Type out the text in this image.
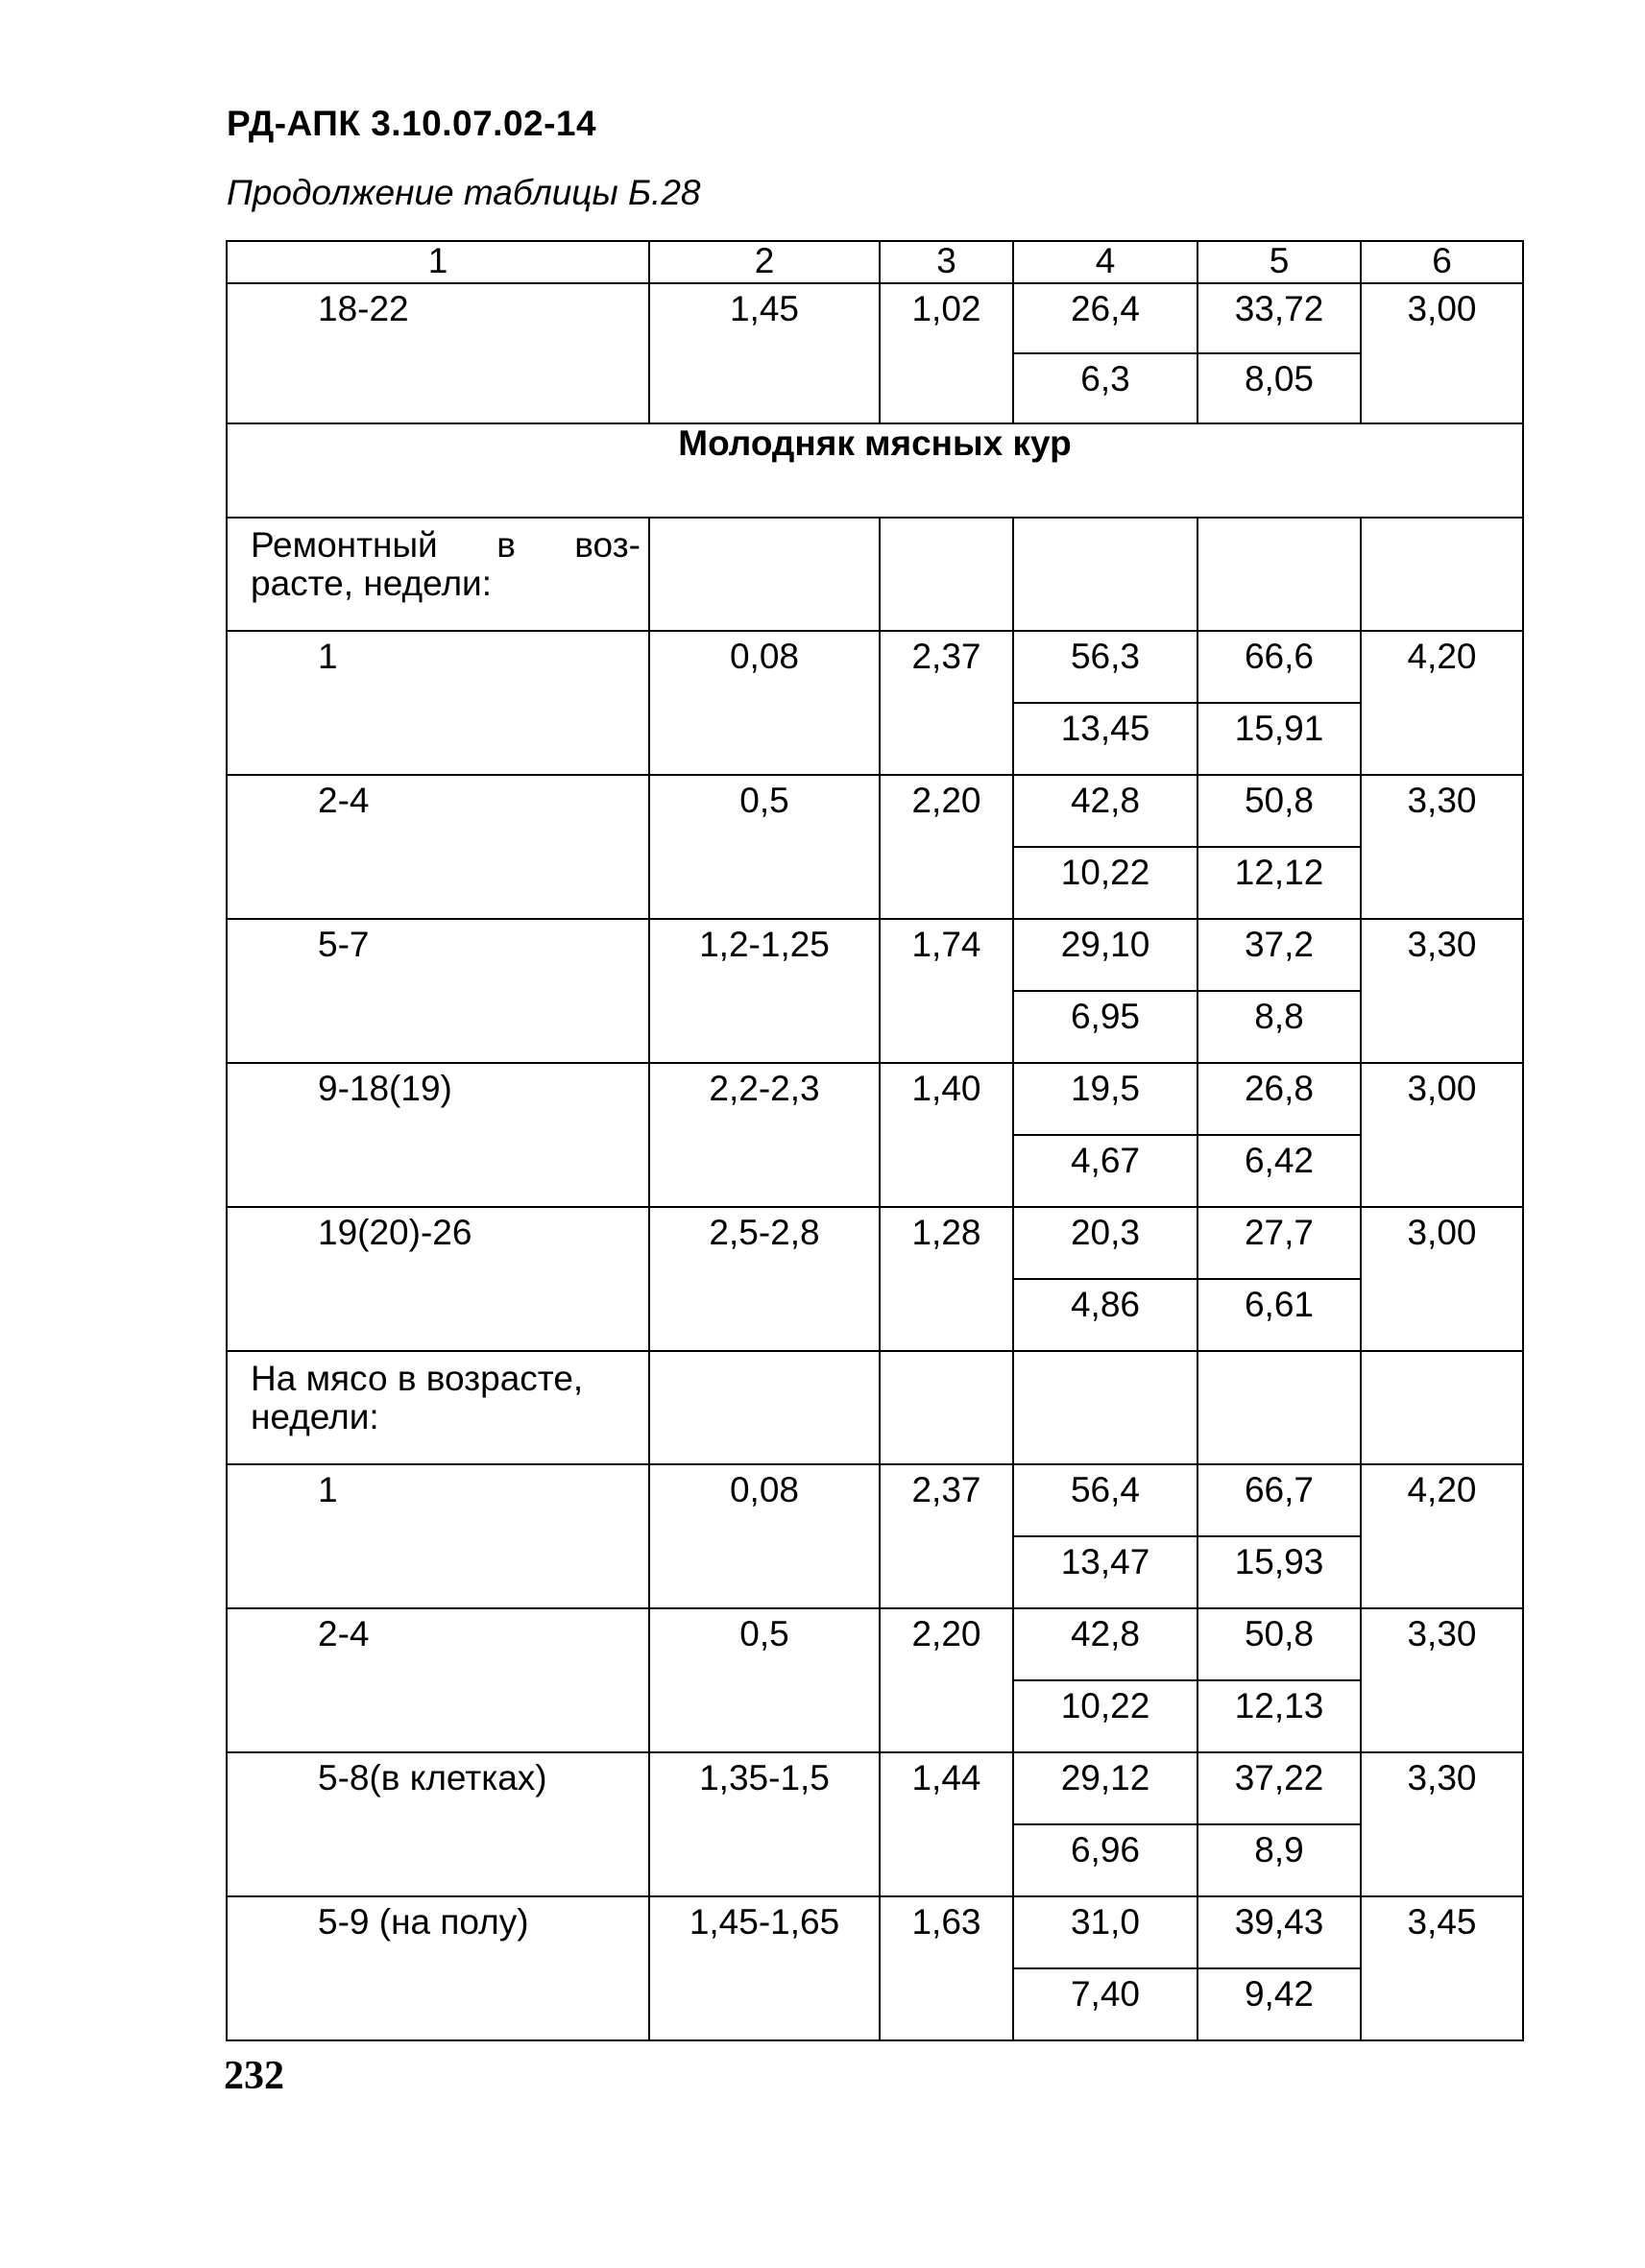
РД-АПК 3.10.07.02-14
Продолжение таблицы Б.28
1	2	3	4	5	6
18-22	1,45	1,02	26,4	33,72	3,00
			6,3	8,05	
Молодняк мясных кур					

Ремонтный в воз-
расте, недели:					

1	0,08	2,37	56,3	66,6	4,20
			13,45	15,91	
2-4	0,5	2,20	42,8	50,8	3,30
			10,22	12,12	
5-7	1,2-1,25	1,74	29,10	37,2	3,30
			6,95	8,8	
9-18(19)	2,2-2,3	1,40	19,5	26,8	3,00
			4,67	6,42	
19(20)-26	2,5-2,8	1,28	20,3	27,7	3,00
			4,86	6,61	

На мясо в возрасте,
недели:					

1	0,08	2,37	56,4	66,7	4,20
			13,47	15,93	
2-4	0,5	2,20	42,8	50,8	3,30
			10,22	12,13	
5-8(в клетках)	1,35-1,5	1,44	29,12	37,22	3,30
			6,96	8,9	
5-9 (на полу)	1,45-1,65	1,63	31,0	39,43	3,45
			7,40	9,42	
232
